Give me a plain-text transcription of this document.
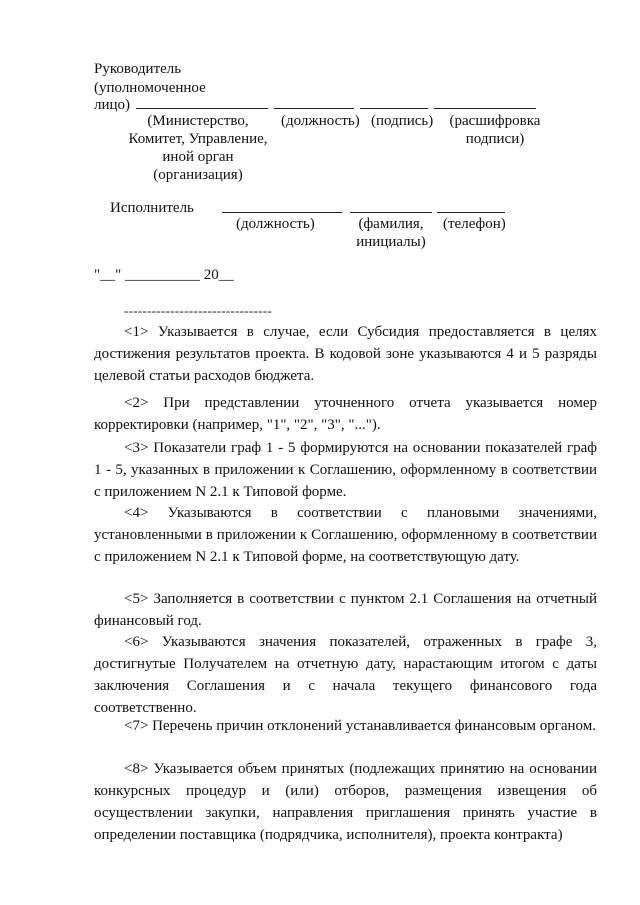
Руководитель
(уполномоченное
лицо)
(Министерство,
Комитет, Управление,
иной орган
(организация)
(должность) (подпись)	(расшифровка
подписи)
Исполнитель
(должность)	(фамилия,
инициалы)
(телефон)
"__" __________ 20__
--------------------------------
<1> Указывается в случае, если Субсидия предоставляется в целях достижения результатов проекта. В кодовой зоне указываются 4 и 5 разряды целевой статьи расходов бюджета.
<2> При представлении уточненного отчета указывается номер корректировки (например, "1", "2", "3", "...").
<3> Показатели граф 1 - 5 формируются на основании показателей граф 1 - 5, указанных в приложении к Соглашению, оформленному в соответствии с приложением N 2.1 к Типовой форме.
<4> Указываются в соответствии с плановыми значениями, установленными в приложении к Соглашению, оформленному в соответствии с приложением N 2.1 к Типовой форме, на соответствующую дату.
<5> Заполняется в соответствии с пунктом 2.1 Соглашения на отчетный финансовый год.
<6> Указываются значения показателей, отраженных в графе 3, достигнутые Получателем на отчетную дату, нарастающим итогом с даты заключения Соглашения и с начала текущего финансового года соответственно.
<7> Перечень причин отклонений устанавливается финансовым органом.
<8> Указывается объем принятых (подлежащих принятию на основании конкурсных процедур и (или) отборов, размещения извещения об осуществлении закупки, направления приглашения принять участие в определении поставщика (подрядчика, исполнителя), проекта контракта)
